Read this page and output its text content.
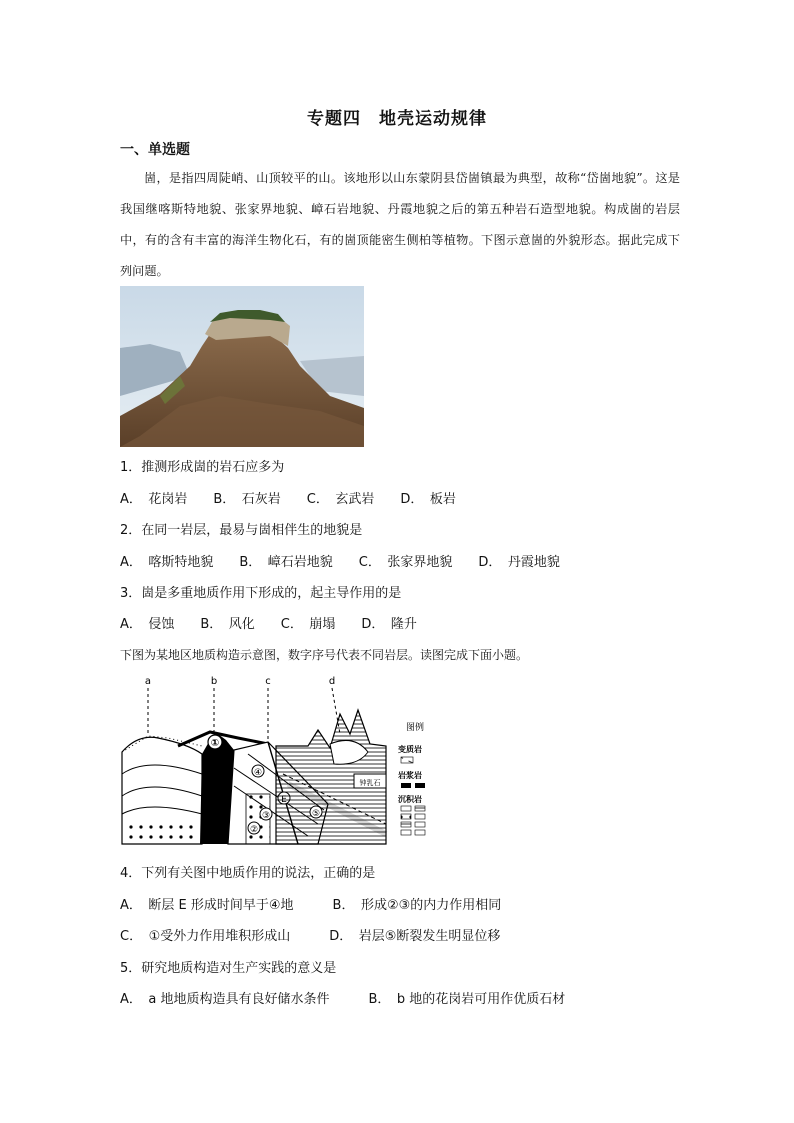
专题四　地壳运动规律
一、单选题
崮，是指四周陡峭、山顶较平的山。该地形以山东蒙阴县岱崮镇最为典型，故称“岱崮地貌”。这是我国继喀斯特地貌、张家界地貌、嶂石岩地貌、丹霞地貌之后的第五种岩石造型地貌。构成崮的岩层中，有的含有丰富的海洋生物化石，有的崮顶能密生侧柏等植物。下图示意崮的外貌形态。据此完成下列问题。
1．推测形成崮的岩石应多为
A．　花岗岩　　B．　石灰岩　　C．　玄武岩　　D．　板岩
2．在同一岩层，最易与崮相伴生的地貌是
A．　喀斯特地貌　　B．　嶂石岩地貌　　C．　张家界地貌　　D．　丹霞地貌
3．崮是多重地质作用下形成的，起主导作用的是
A．　侵蚀　　B．　风化　　C．　崩塌　　D．　隆升
下图为某地区地质构造示意图，数字序号代表不同岩层。读图完成下面小题。
①
④
②
③	⑤
钟乳石
a	b	c	d
图例
变质岩
岩浆岩
沉积岩
4．下列有关图中地质作用的说法，正确的是
A．　断层 E 形成时间早于④地　　　B．　形成②③的内力作用相同
C．　①受外力作用堆积形成山　　　D．　岩层⑤断裂发生明显位移
5．研究地质构造对生产实践的意义是
A．　a 地地质构造具有良好储水条件　　　B．　b 地的花岗岩可用作优质石材
